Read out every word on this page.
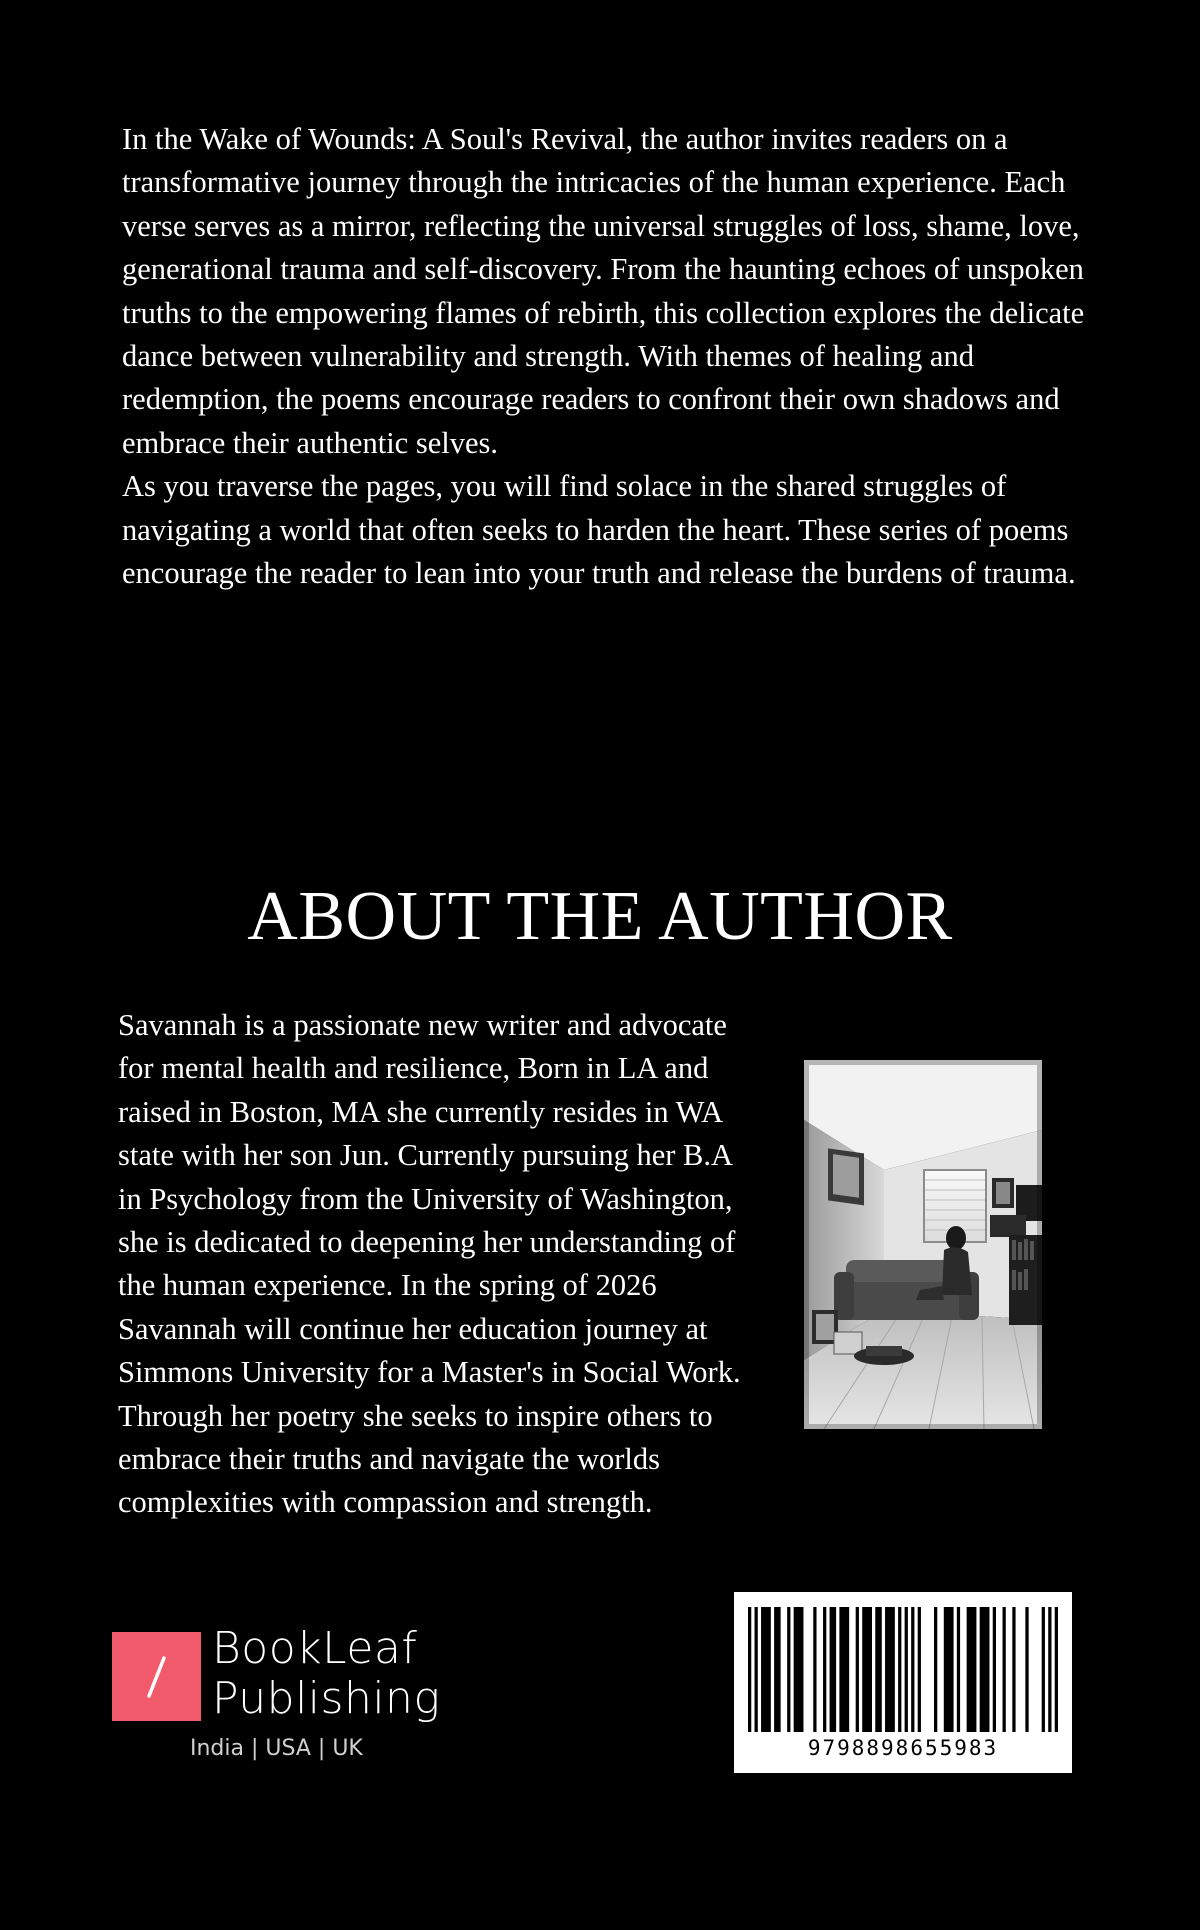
In the Wake of Wounds: A Soul's Revival, the author invites readers on a transformative journey through the intricacies of the human experience. Each verse serves as a mirror, reflecting the universal struggles of loss, shame, love, generational trauma and self-discovery. From the haunting echoes of unspoken truths to the empowering flames of rebirth, this collection explores the delicate dance between vulnerability and strength. With themes of healing and redemption, the poems encourage readers to confront their own shadows and embrace their authentic selves.

As you traverse the pages, you will find solace in the shared struggles of navigating a world that often seeks to harden the heart. These series of poems encourage the reader to lean into your truth and release the burdens of trauma.

ABOUT THE AUTHOR

Savannah is a passionate new writer and advocate for mental health and resilience, Born in LA and raised in Boston, MA she currently resides in WA state with her son Jun. Currently pursuing her B.A in Psychology from the University of Washington, she is dedicated to deepening her understanding of the human experience. In the spring of 2026 Savannah will continue her education journey at Simmons University for a Master's in Social Work. Through her poetry she seeks to inspire others to embrace their truths and navigate the worlds complexities with compassion and strength.

BookLeaf
Publishing
India | USA | UK	9798898655983
